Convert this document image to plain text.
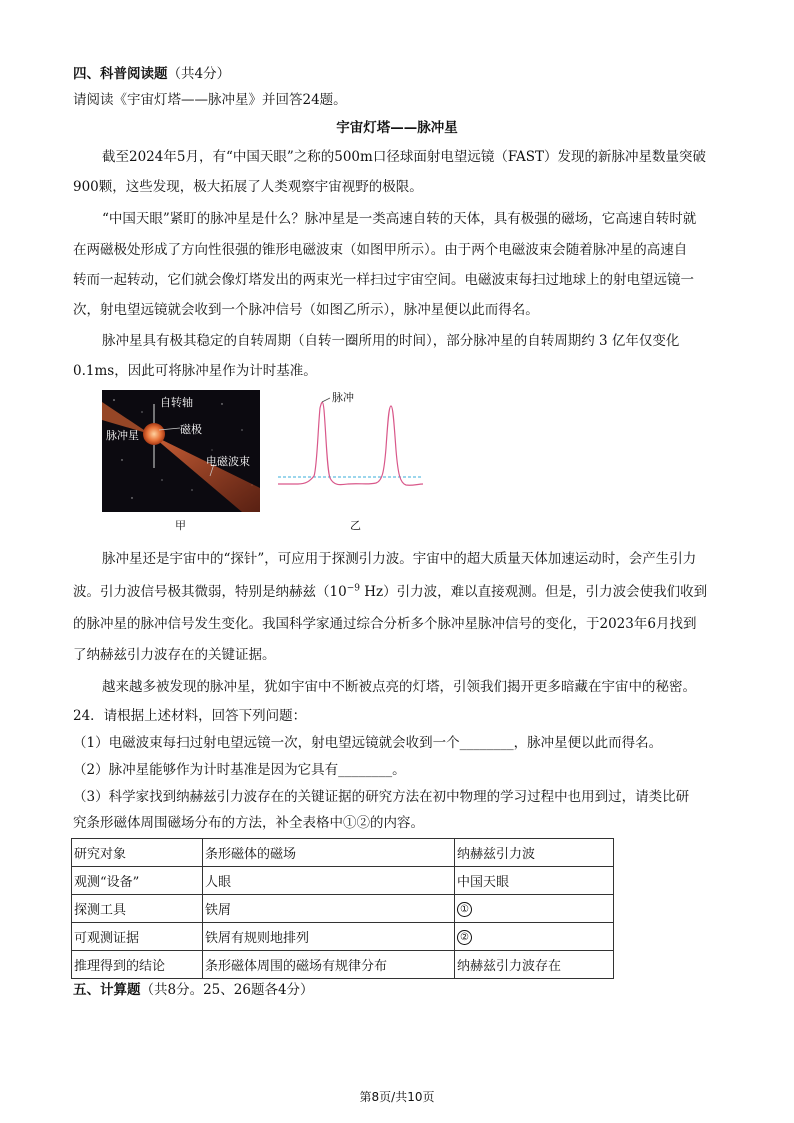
四、科普阅读题（共4分）
请阅读《宇宙灯塔——脉冲星》并回答24题。
宇宙灯塔——脉冲星
截至2024年5月，有“中国天眼”之称的500m口径球面射电望远镜（FAST）发现的新脉冲星数量突破
900颗，这些发现，极大拓展了人类观察宇宙视野的极限。
“中国天眼”紧盯的脉冲星是什么？脉冲星是一类高速自转的天体，具有极强的磁场，它高速自转时就
在两磁极处形成了方向性很强的锥形电磁波束（如图甲所示）。由于两个电磁波束会随着脉冲星的高速自
转而一起转动，它们就会像灯塔发出的两束光一样扫过宇宙空间。电磁波束每扫过地球上的射电望远镜一
次，射电望远镜就会收到一个脉冲信号（如图乙所示），脉冲星便以此而得名。
脉冲星具有极其稳定的自转周期（自转一圈所用的时间），部分脉冲星的自转周期约 3 亿年仅变化
0.1ms，因此可将脉冲星作为计时基准。
自转轴
脉冲星	磁极
电磁波束
甲
脉冲
乙
脉冲星还是宇宙中的“探针”，可应用于探测引力波。宇宙中的超大质量天体加速运动时，会产生引力
波。引力波信号极其微弱，特别是纳赫兹（$10^{-9}$ Hz）引力波，难以直接观测。但是，引力波会使我们收到
的脉冲星的脉冲信号发生变化。我国科学家通过综合分析多个脉冲星脉冲信号的变化，于2023年6月找到
了纳赫兹引力波存在的关键证据。
越来越多被发现的脉冲星，犹如宇宙中不断被点亮的灯塔，引领我们揭开更多暗藏在宇宙中的秘密。
24．请根据上述材料，回答下列问题：
（1）电磁波束每扫过射电望远镜一次，射电望远镜就会收到一个________，脉冲星便以此而得名。
（2）脉冲星能够作为计时基准是因为它具有________。
（3）科学家找到纳赫兹引力波存在的关键证据的研究方法在初中物理的学习过程中也用到过，请类比研
究条形磁体周围磁场分布的方法，补全表格中①②的内容。
研究对象	条形磁体的磁场	纳赫兹引力波
观测“设备”	人眼	中国天眼
探测工具	铁屑	①
可观测证据	铁屑有规则地排列	②
推理得到的结论	条形磁体周围的磁场有规律分布	纳赫兹引力波存在
五、计算题（共8分。25、26题各4分）
第8页/共10页
